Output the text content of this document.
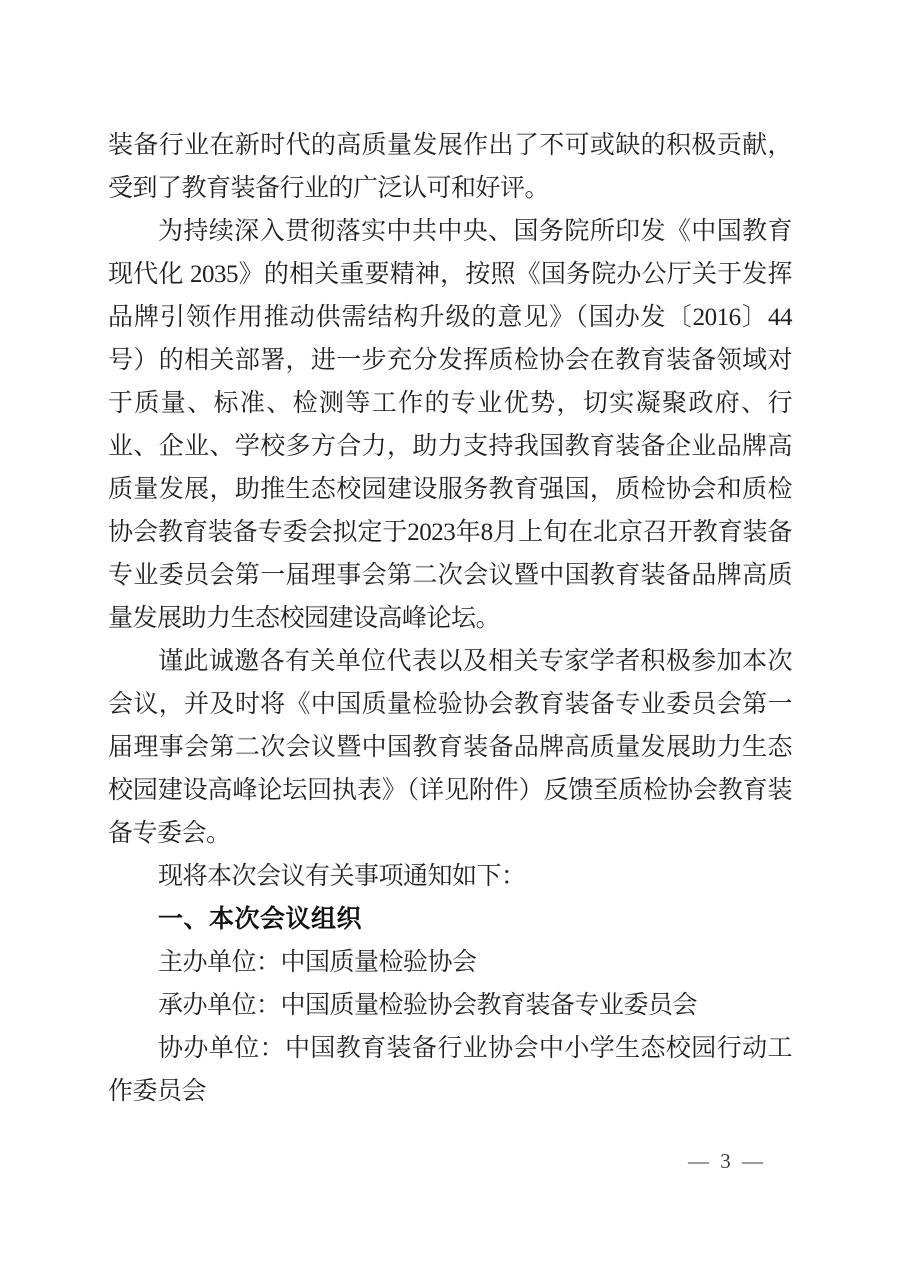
装备行业在新时代的高质量发展作出了不可或缺的积极贡献，受到了教育装备行业的广泛认可和好评。

为持续深入贯彻落实中共中央、国务院所印发《中国教育现代化 2035》的相关重要精神，按照《国务院办公厅关于发挥品牌引领作用推动供需结构升级的意见》（国办发〔2016〕44 号）的相关部署，进一步充分发挥质检协会在教育装备领域对于质量、标准、检测等工作的专业优势，切实凝聚政府、行业、企业、学校多方合力，助力支持我国教育装备企业品牌高质量发展，助推生态校园建设服务教育强国，质检协会和质检协会教育装备专委会拟定于2023年8月上旬在北京召开教育装备专业委员会第一届理事会第二次会议暨中国教育装备品牌高质量发展助力生态校园建设高峰论坛。

谨此诚邀各有关单位代表以及相关专家学者积极参加本次会议，并及时将《中国质量检验协会教育装备专业委员会第一届理事会第二次会议暨中国教育装备品牌高质量发展助力生态校园建设高峰论坛回执表》（详见附件）反馈至质检协会教育装备专委会。

现将本次会议有关事项通知如下：

一、本次会议组织

主办单位：中国质量检验协会

承办单位：中国质量检验协会教育装备专业委员会

协办单位：中国教育装备行业协会中小学生态校园行动工作委员会

— 3 —
